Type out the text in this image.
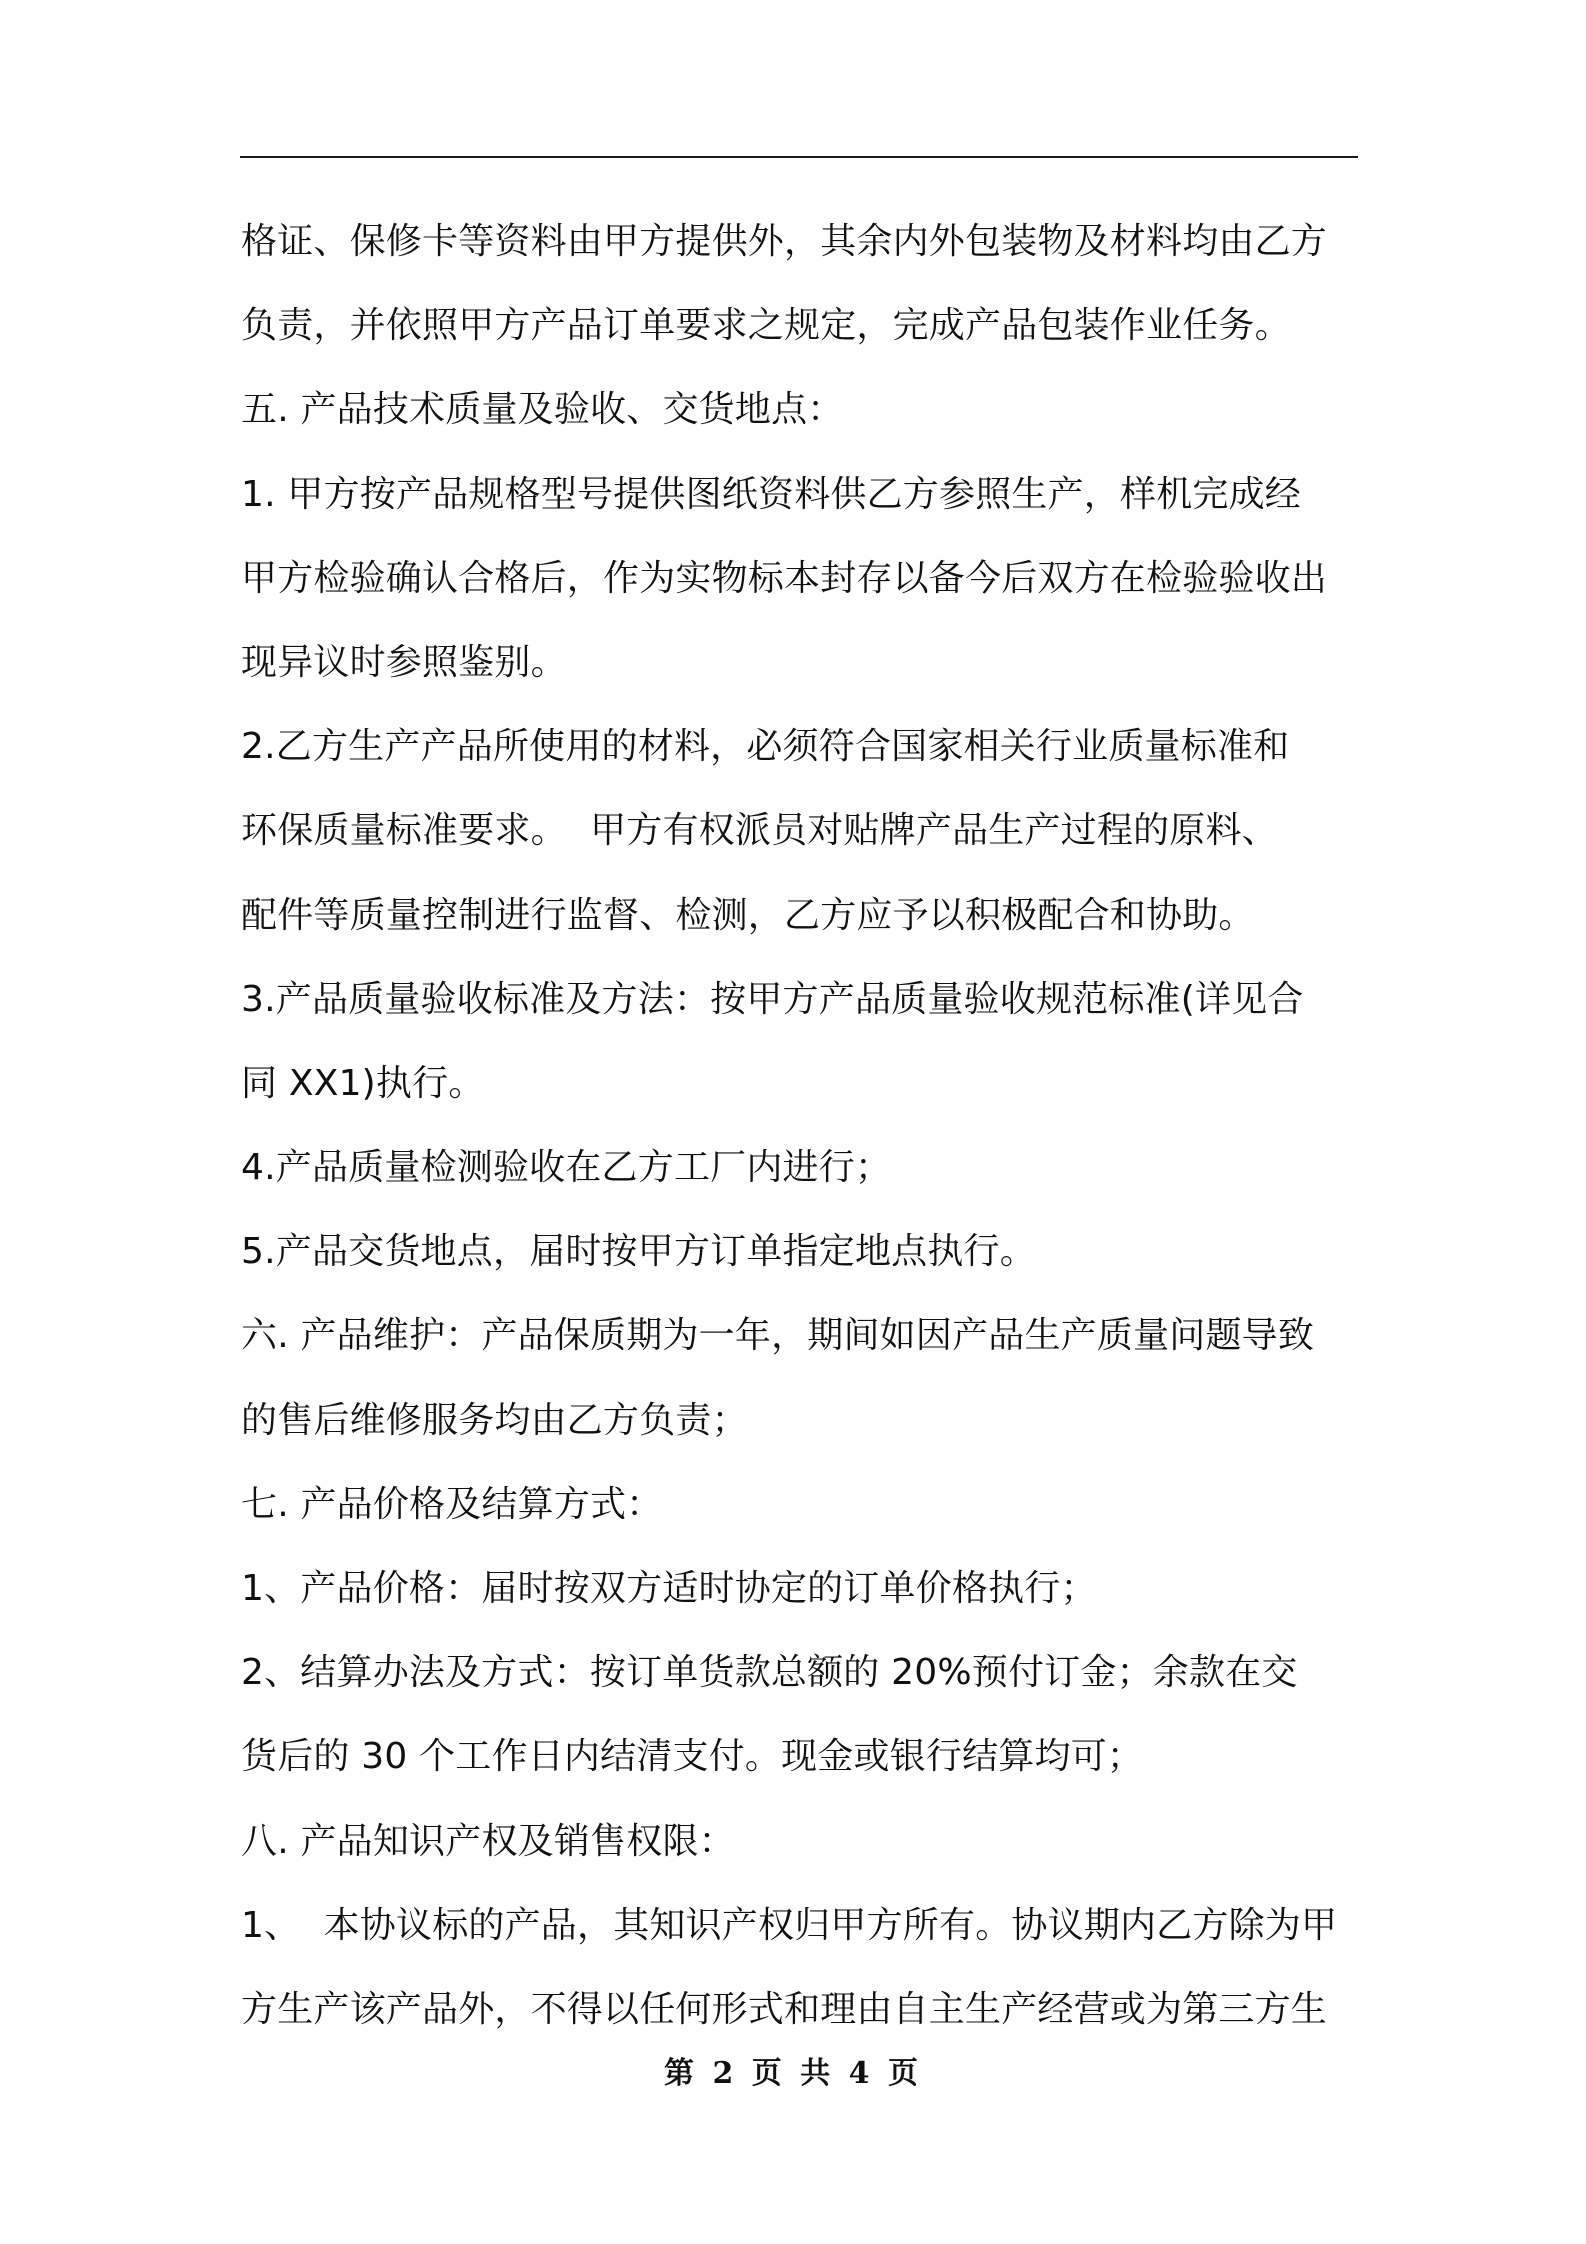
格证、保修卡等资料由甲方提供外，其余内外包装物及材料均由乙方
负责，并依照甲方产品订单要求之规定，完成产品包装作业任务。
五. 产品技术质量及验收、交货地点：
1. 甲方按产品规格型号提供图纸资料供乙方参照生产，样机完成经
甲方检验确认合格后，作为实物标本封存以备今后双方在检验验收出
现异议时参照鉴别。
2.乙方生产产品所使用的材料，必须符合国家相关行业质量标准和
环保质量标准要求。  甲方有权派员对贴牌产品生产过程的原料、
配件等质量控制进行监督、检测，乙方应予以积极配合和协助。
3.产品质量验收标准及方法：按甲方产品质量验收规范标准(详见合
同 XX1)执行。
4.产品质量检测验收在乙方工厂内进行；
5.产品交货地点，届时按甲方订单指定地点执行。
六. 产品维护：产品保质期为一年，期间如因产品生产质量问题导致
的售后维修服务均由乙方负责；
七. 产品价格及结算方式：
1、产品价格：届时按双方适时协定的订单价格执行；
2、结算办法及方式：按订单货款总额的 20%预付订金；余款在交
货后的 30 个工作日内结清支付。现金或银行结算均可；
八. 产品知识产权及销售权限：
1、  本协议标的产品，其知识产权归甲方所有。协议期内乙方除为甲
方生产该产品外，不得以任何形式和理由自主生产经营或为第三方生
第 2 页 共 4 页
